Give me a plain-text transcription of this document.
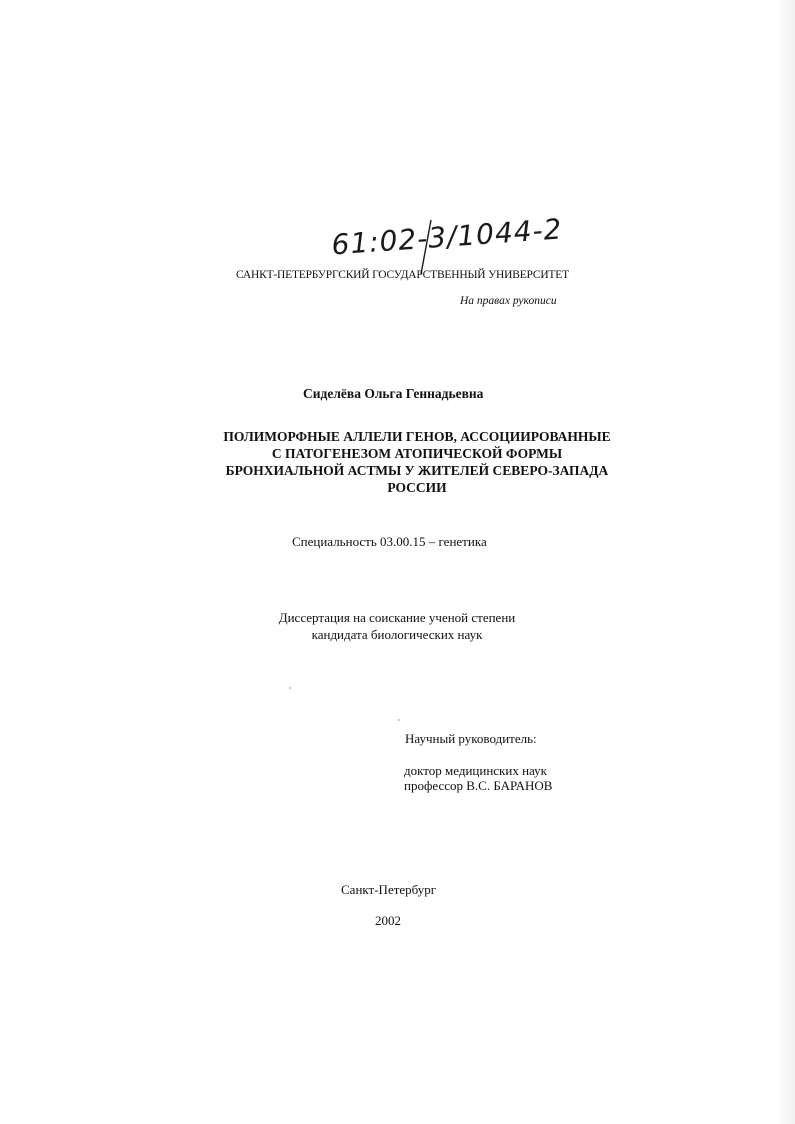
61:02-3/1044-2
САНКТ-ПЕТЕРБУРГСКИЙ ГОСУДАРСТВЕННЫЙ УНИВЕРСИТЕТ
На правах рукописи
Сиделёва Ольга Геннадьевна
ПОЛИМОРФНЫЕ АЛЛЕЛИ ГЕНОВ, АССОЦИИРОВАННЫЕ
С ПАТОГЕНЕЗОМ АТОПИЧЕСКОЙ ФОРМЫ
БРОНХИАЛЬНОЙ АСТМЫ У ЖИТЕЛЕЙ СЕВЕРО-ЗАПАДА
РОССИИ
Специальность 03.00.15 – генетика
Диссертация на соискание ученой степени
кандидата биологических наук
Научный руководитель:
доктор медицинских наук
профессор В.С. БАРАНОВ
Санкт-Петербург
2002
